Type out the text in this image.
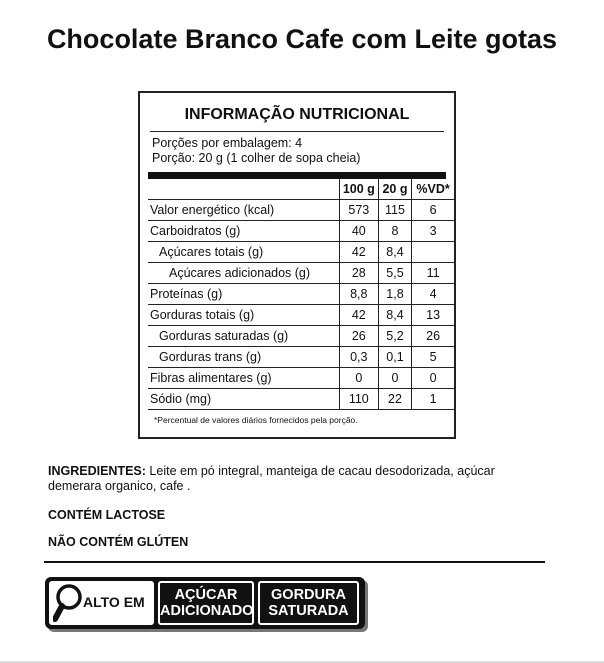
Chocolate Branco Cafe com Leite gotas
INFORMAÇÃO NUTRICIONAL
Porções por embalagem: 4
Porção: 20 g (1 colher de sopa cheia)
	100 g	20 g	%VD*
Valor energético (kcal)	573	115	6
Carboidratos (g)	40	8	3
Açúcares totais (g)	42	8,4	
Açúcares adicionados (g)	28	5,5	11
Proteínas (g)	8,8	1,8	4
Gorduras totais (g)	42	8,4	13
Gorduras saturadas (g)	26	5,2	26
Gorduras trans (g)	0,3	0,1	5
Fibras alimentares (g)	0	0	0
Sódio (mg)	110	22	1
*Percentual de valores diários fornecidos pela porção.
INGREDIENTES: Leite em pó integral, manteiga de cacau desodorizada, açúcar demerara organico, cafe .
CONTÉM LACTOSE
NÃO CONTÉM GLÚTEN
ALTO EM	AÇÚCAR
ADICIONADO
GORDURA
SATURADA
